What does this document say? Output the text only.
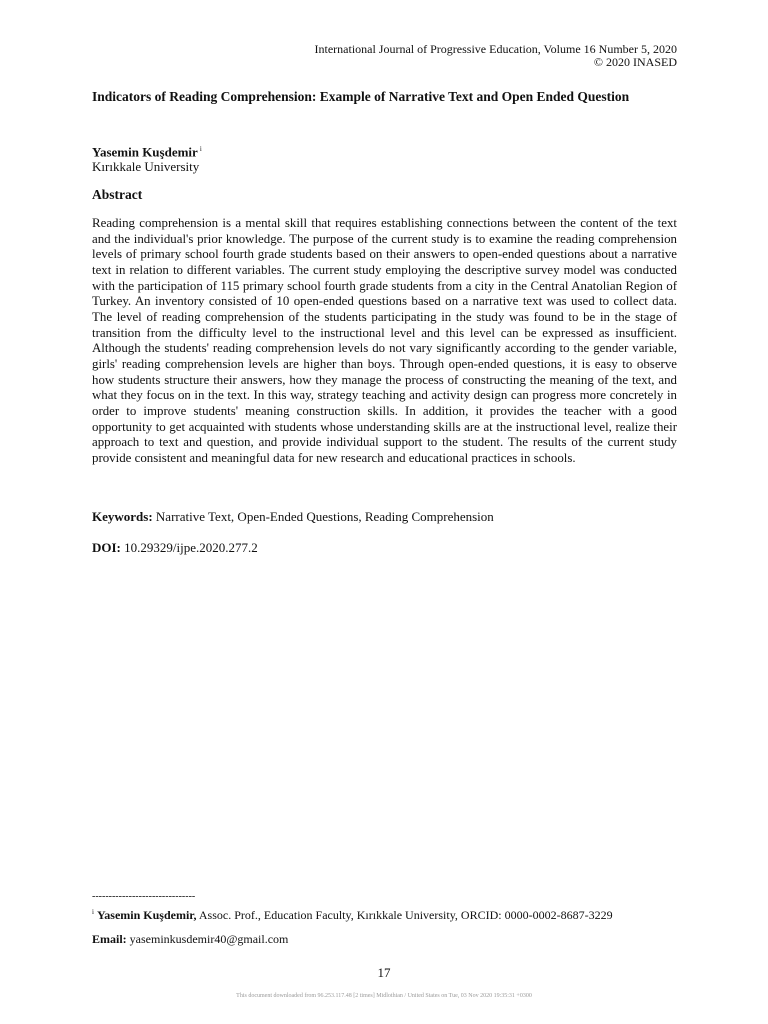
International Journal of Progressive Education, Volume 16 Number 5, 2020
© 2020 INASED
Indicators of Reading Comprehension: Example of Narrative Text and Open Ended Question
Yasemin Kuşdemir $^i$
Kırıkkale University
Abstract

Reading comprehension is a mental skill that requires establishing connections between the content of the text and the individual's prior knowledge. The purpose of the current study is to examine the reading comprehension levels of primary school fourth grade students based on their answers to open-ended questions about a narrative text in relation to different variables. The current study employing the descriptive survey model was conducted with the participation of 115 primary school fourth grade students from a city in the Central Anatolian Region of Turkey. An inventory consisted of 10 open-ended questions based on a narrative text was used to collect data. The level of reading comprehension of the students participating in the study was found to be in the stage of transition from the difficulty level to the instructional level and this level can be expressed as insufficient. Although the students' reading comprehension levels do not vary significantly according to the gender variable, girls' reading comprehension levels are higher than boys. Through open-ended questions, it is easy to observe how students structure their answers, how they manage the process of constructing the meaning of the text, and what they focus on in the text. In this way, strategy teaching and activity design can progress more concretely in order to improve students' meaning construction skills. In addition, it provides the teacher with a good opportunity to get acquainted with students whose understanding skills are at the instructional level, realize their approach to text and question, and provide individual support to the student. The results of the current study provide consistent and meaningful data for new research and educational practices in schools.

Keywords: Narrative Text, Open-Ended Questions, Reading Comprehension
DOI: 10.29329/ijpe.2020.277.2
-------------------------------
$^i$ Yasemin Kuşdemir, Assoc. Prof., Education Faculty, Kırıkkale University, ORCID: 0000-0002-8687-3229
Email: yaseminkusdemir40@gmail.com
17
This document downloaded from 96.253.117.48 [2 times] Midlothian / United States on Tue, 03 Nov 2020 19:35:31 +0300
